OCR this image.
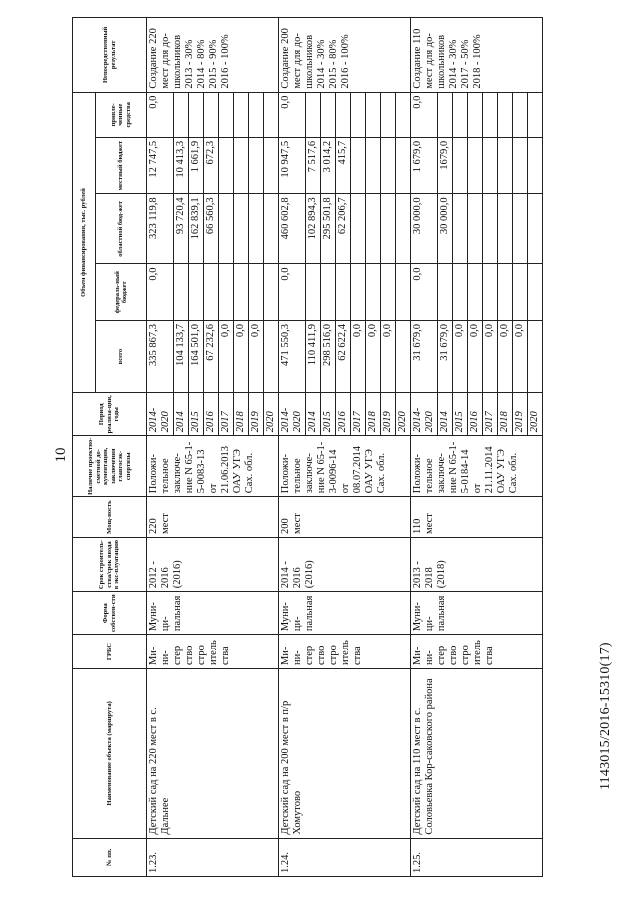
10
№ пп.	Наименование объекта (маршрута)	ГРБС	Форма собствен-сти	Срок строитель-ства/срок ввода в экс-плуатацию	Мощ-ность	Наличие проектно-сметной до-кументации, заключения главгосэк-спертизы	Период реализа-ции, годы	Объем финансирования, тыс. рублей					Непосредственный результат
								всего	федераль-ный бюджет	областной бюд-жет	местный бюджет	привле-ченные средства	
1.23.	Детский сад на 220 мест в с. Дальнее	Ми-ни-стер ство стро итель ства	Муни-ци-пальная	2012 - 2016 (2016)	220 мест	Положи-тельное заключе-ние N 65-1-5-0083-13 от 21.06.2013 ОАУ УГЭ Сах. обл.	2014-2020	335 867,3	0,0	323 119,8	12 747,5	0,0	Создание 220 мест для до-школьников 2013 - 30% 2014 - 80% 2015 - 90% 2016 - 100%
							2014	104 133,7		93 720,4	10 413,3		
							2015	164 501,0		162 839,1	1 661,9		
							2016	67 232,6		66 560,3	672,3		
							2017	0,0					
							2018	0,0					
							2019	0,0					
							2020						
1.24.	Детский сад на 200 мест в п/р Хомутово	Ми-ни-стер ство стро итель ства	Муни-ци-пальная	2014 - 2016 (2016)	200 мест	Положи-тельное заключе-ние N 65-1-3-0096-14 от 08.07.2014 ОАУ УГЭ Сах. обл.	2014-2020	471 550,3	0,0	460 602,8	10 947,5	0,0	Создание 200 мест для до-школьников 2014 - 30% 2015 - 80% 2016 - 100%
							2014	110 411,9		102 894,3	7 517,6		
							2015	298 516,0		295 501,8	3 014,2		
							2016	62 622,4		62 206,7	415,7		
							2017	0,0					
							2018	0,0					
							2019	0,0					
							2020						
1.25.	Детский сад на 110 мест в с. Соловьевка Кор-саковского района	Ми-ни-стер ство стро итель ства	Муни-ци-пальная	2013 - 2018 (2018)	110 мест	Положи-тельное заключе-ние N 65-1-5-0184-14 от 21.11.2014 ОАУ УГЭ Сах. обл.	2014-2020	31 679,0	0,0	30 000,0	1 679,0	0,0	Создание 110 мест для до-школьников 2014 - 30% 2017 - 50% 2018 - 100%
							2014	31 679,0		30 000,0	1679,0		
							2015	0,0					
							2016	0,0					
							2017	0,0					
							2018	0,0					
							2019	0,0					
							2020						
1143015/2016-15310(17)
